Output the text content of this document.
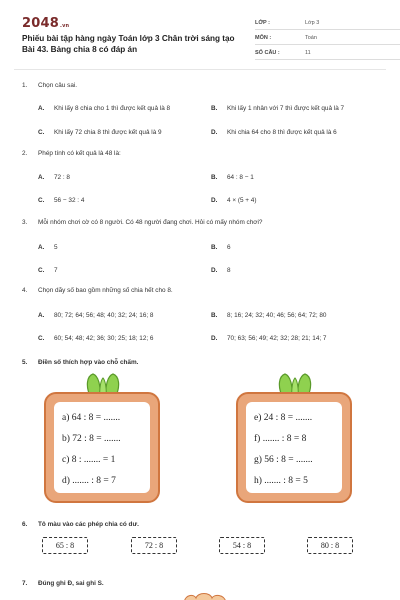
2048.vn
Phiếu bài tập hàng ngày Toán lớp 3 Chân trời sáng tạo Bài 43. Bảng chia 8 có đáp án
LỚP :	Lớp 3
MÔN :	Toán
SỐ CÂU :	11
1. Chọn câu sai.
A. Khi lấy 8 chia cho 1 thì được kết quả là 8	B. Khi lấy 1 nhân với 7 thì được kết quả là 7
C. Khi lấy 72 chia 8 thì được kết quả là 9	D. Khi chia 64 cho 8 thì được kết quả là 6
2. Phép tính có kết quả là 48 là:
A. 72 : 8	B. 64 : 8 − 1
C. 56 − 32 : 4	D. 4 × (5 + 4)
3. Mỗi nhóm chơi cờ có 8 người. Có 48 người đang chơi. Hỏi có mấy nhóm chơi?
A. 5	B. 6
C. 7	D. 8
4. Chọn dãy số bao gồm những số chia hết cho 8.
A. 80; 72; 64; 56; 48; 40; 32; 24; 16; 8	B. 8; 16; 24; 32; 40; 46; 56; 64; 72; 80
C. 60; 54; 48; 42; 36; 30; 25; 18; 12; 6	D. 70; 63; 56; 49; 42; 32; 28; 21; 14; 7
5. Điền số thích hợp vào chỗ chấm.
a) 64 : 8 = .......
b) 72 : 8 = .......
c) 8 : ....... = 1
d) ....... : 8 = 7
e) 24 : 8 = .......
f) ....... : 8 = 8
g) 56 : 8 = .......
h) ....... : 8 = 5
6. Tô màu vào các phép chia có dư.
65 : 8	72 : 8	54 : 8	80 : 8
7. Đúng ghi Đ, sai ghi S.
